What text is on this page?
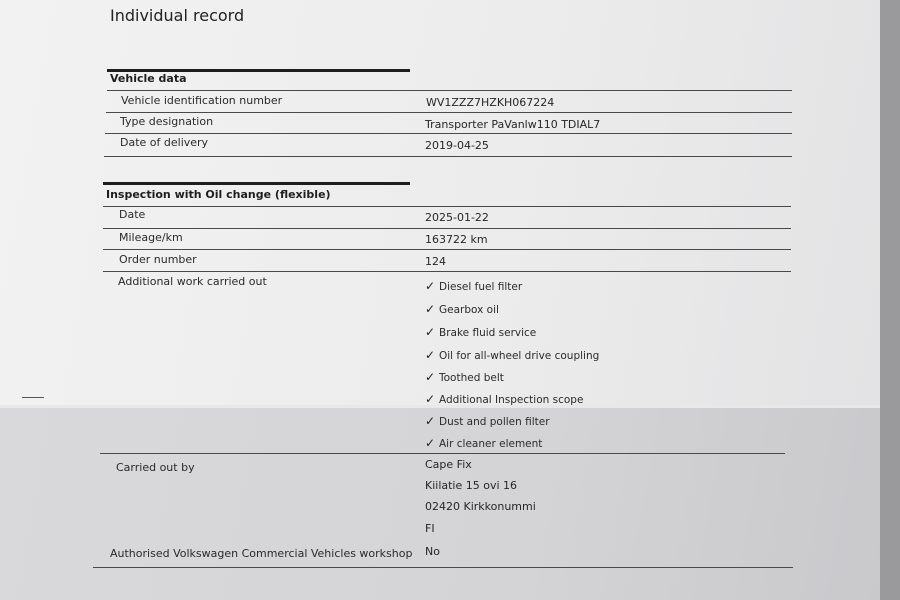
Individual record
Vehicle data
Vehicle identification number	WV1ZZZ7HZKH067224
Type designation	Transporter PaVanlw110 TDIAL7
Date of delivery	2019-04-25
Inspection with Oil change (flexible)
Date	2025-01-22
Mileage/km	163722 km
Order number	124
Additional work carried out	✓ Diesel fuel filter
✓ Gearbox oil
✓ Brake fluid service
✓ Oil for all-wheel drive coupling
✓ Toothed belt
✓ Additional Inspection scope
✓ Dust and pollen filter
✓ Air cleaner element
Carried out by	Cape Fix
Kiilatie 15 ovi 16
02420 Kirkkonummi
FI
Authorised Volkswagen Commercial Vehicles workshop No
